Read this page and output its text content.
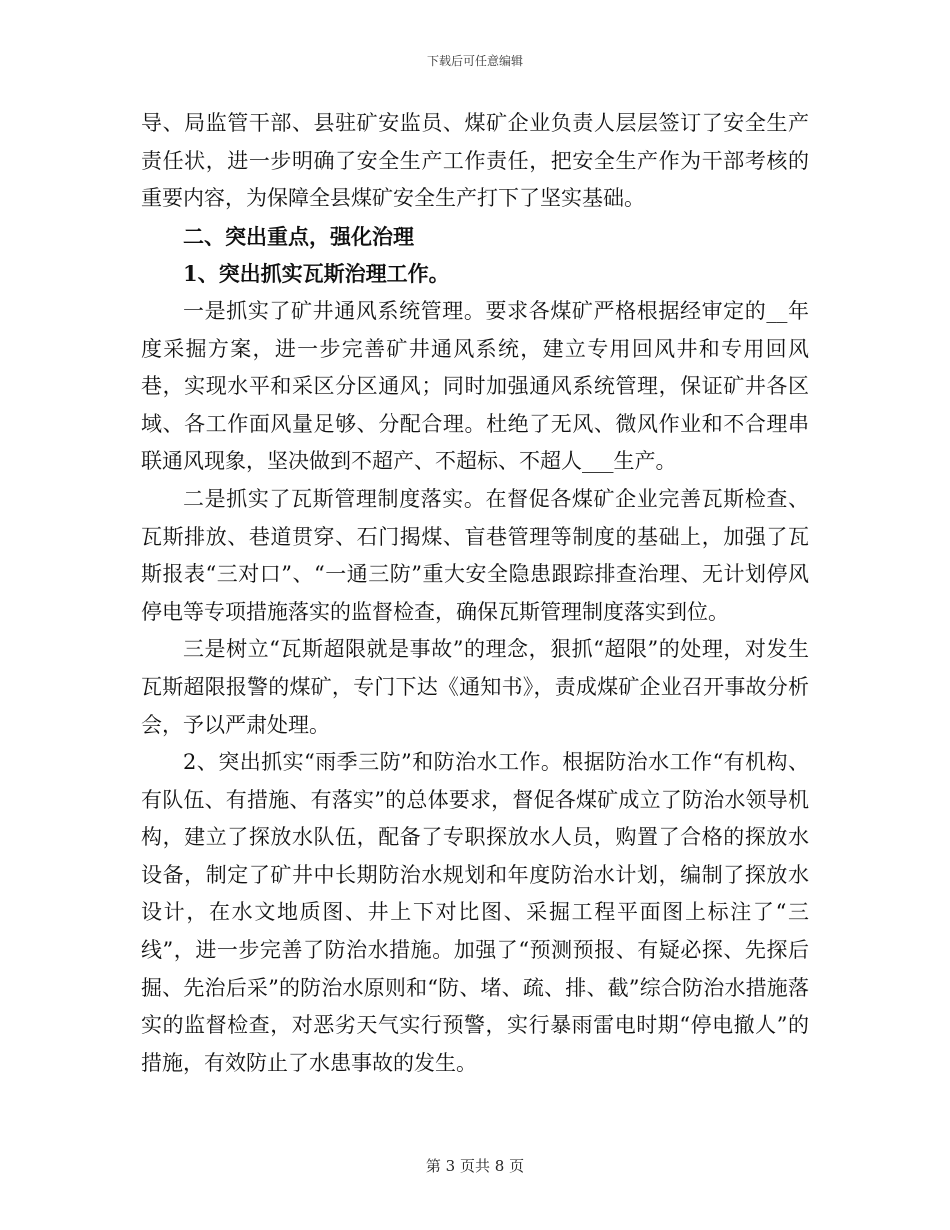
下载后可任意编辑

导、局监管干部、县驻矿安监员、煤矿企业负责人层层签订了安全生产责任状，进一步明确了安全生产工作责任，把安全生产作为干部考核的重要内容，为保障全县煤矿安全生产打下了坚实基础。

二、突出重点，强化治理

1、突出抓实瓦斯治理工作。

一是抓实了矿井通风系统管理。要求各煤矿严格根据经审定的__年度采掘方案，进一步完善矿井通风系统，建立专用回风井和专用回风巷，实现水平和采区分区通风；同时加强通风系统管理，保证矿井各区域、各工作面风量足够、分配合理。杜绝了无风、微风作业和不合理串联通风现象，坚决做到不超产、不超标、不超人___生产。

二是抓实了瓦斯管理制度落实。在督促各煤矿企业完善瓦斯检查、瓦斯排放、巷道贯穿、石门揭煤、盲巷管理等制度的基础上，加强了瓦斯报表“三对口”、“一通三防”重大安全隐患跟踪排查治理、无计划停风停电等专项措施落实的监督检查，确保瓦斯管理制度落实到位。

三是树立“瓦斯超限就是事故”的理念，狠抓“超限”的处理，对发生瓦斯超限报警的煤矿，专门下达《通知书》，责成煤矿企业召开事故分析会，予以严肃处理。

2、突出抓实“雨季三防”和防治水工作。根据防治水工作“有机构、有队伍、有措施、有落实”的总体要求，督促各煤矿成立了防治水领导机构，建立了探放水队伍，配备了专职探放水人员，购置了合格的探放水设备，制定了矿井中长期防治水规划和年度防治水计划，编制了探放水设计，在水文地质图、井上下对比图、采掘工程平面图上标注了“三线”，进一步完善了防治水措施。加强了“预测预报、有疑必探、先探后掘、先治后采”的防治水原则和“防、堵、疏、排、截”综合防治水措施落实的监督检查，对恶劣天气实行预警，实行暴雨雷电时期“停电撤人”的措施，有效防止了水患事故的发生。

第 3 页共 8 页
